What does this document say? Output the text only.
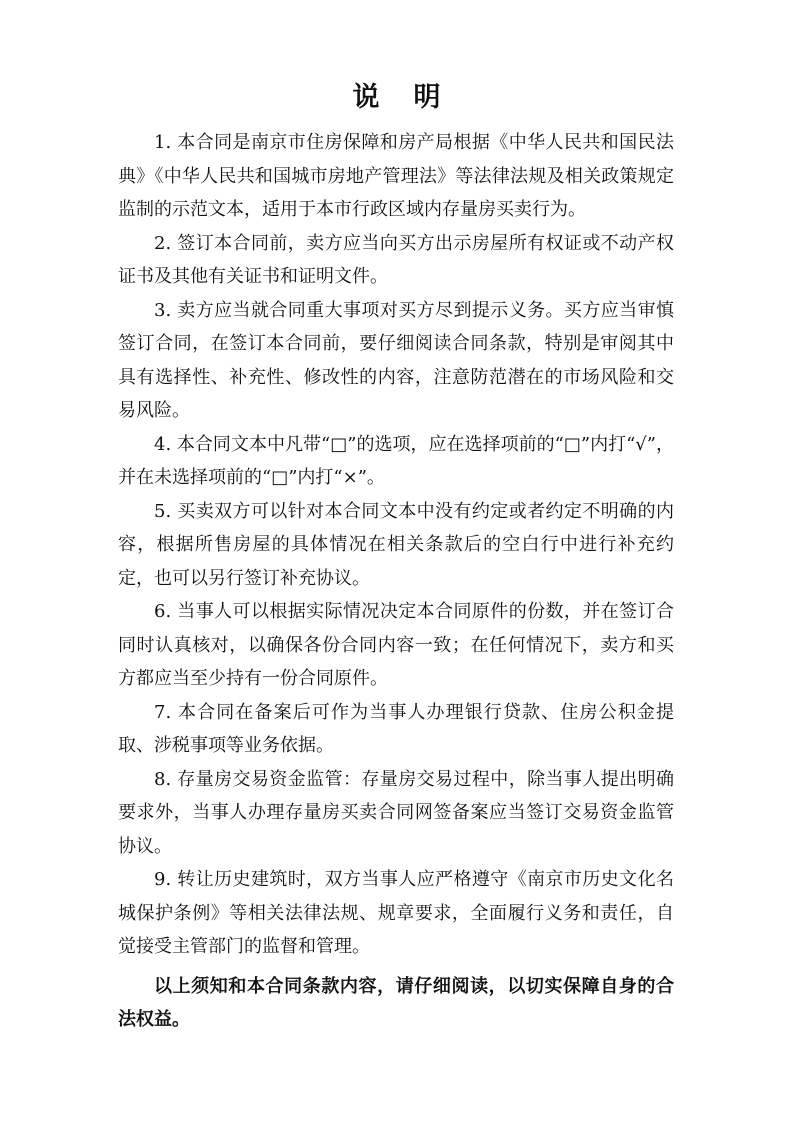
说明

1. 本合同是南京市住房保障和房产局根据《中华人民共和国民法典》《中华人民共和国城市房地产管理法》等法律法规及相关政策规定监制的示范文本，适用于本市行政区域内存量房买卖行为。

2. 签订本合同前，卖方应当向买方出示房屋所有权证或不动产权证书及其他有关证书和证明文件。

3. 卖方应当就合同重大事项对买方尽到提示义务。买方应当审慎签订合同，在签订本合同前，要仔细阅读合同条款，特别是审阅其中具有选择性、补充性、修改性的内容，注意防范潜在的市场风险和交易风险。

4. 本合同文本中凡带“□”的选项，应在选择项前的“□”内打“√”，并在未选择项前的“□”内打“×”。

5. 买卖双方可以针对本合同文本中没有约定或者约定不明确的内容，根据所售房屋的具体情况在相关条款后的空白行中进行补充约定，也可以另行签订补充协议。

6. 当事人可以根据实际情况决定本合同原件的份数，并在签订合同时认真核对，以确保各份合同内容一致；在任何情况下，卖方和买方都应当至少持有一份合同原件。

7. 本合同在备案后可作为当事人办理银行贷款、住房公积金提取、涉税事项等业务依据。

8. 存量房交易资金监管：存量房交易过程中，除当事人提出明确要求外，当事人办理存量房买卖合同网签备案应当签订交易资金监管协议。

9. 转让历史建筑时，双方当事人应严格遵守《南京市历史文化名城保护条例》等相关法律法规、规章要求，全面履行义务和责任，自觉接受主管部门的监督和管理。

以上须知和本合同条款内容，请仔细阅读，以切实保障自身的合法权益。
